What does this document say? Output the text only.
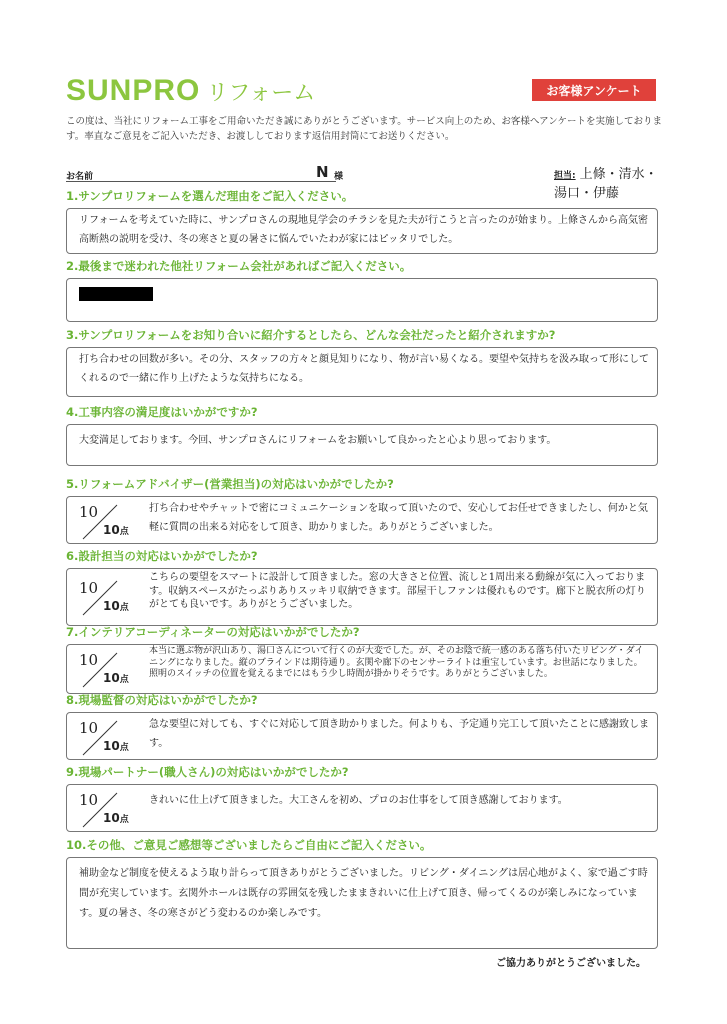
SUNPRO リフォーム	お客様アンケート
この度は、当社にリフォーム工事をご用命いただき誠にありがとうございます。サービス向上のため、お客様へアンケートを実施しております。率直なご意見をご記入いただき、お渡ししております返信用封筒にてお送りください。
お名前	N 様	担当: 上條・清水・湯口・伊藤
1.サンプロリフォームを選んだ理由をご記入ください。
リフォームを考えていた時に、サンプロさんの現地見学会のチラシを見た夫が行こうと言ったのが始まり。上條さんから高気密高断熱の説明を受け、冬の寒さと夏の暑さに悩んでいたわが家にはピッタリでした。
2.最後まで迷われた他社リフォーム会社があればご記入ください。
3.サンプロリフォームをお知り合いに紹介するとしたら、どんな会社だったと紹介されますか?
打ち合わせの回数が多い。その分、スタッフの方々と顔見知りになり、物が言い易くなる。要望や気持ちを汲み取って形にしてくれるので一緒に作り上げたような気持ちになる。
4.工事内容の満足度はいかがですか?
大変満足しております。今回、サンプロさんにリフォームをお願いして良かったと心より思っております。
5.リフォームアドバイザー(営業担当)の対応はいかがでしたか?
10
10点
打ち合わせやチャットで密にコミュニケーションを取って頂いたので、安心してお任せできましたし、何かと気軽に質問の出来る対応をして頂き、助かりました。ありがとうございました。
6.設計担当の対応はいかがでしたか?
10
10点
こちらの要望をスマートに設計して頂きました。窓の大きさと位置、流しと1周出来る動線が気に入っております。収納スペースがたっぷりありスッキリ収納できます。部屋干しファンは優れものです。廊下と脱衣所の灯りがとても良いです。ありがとうございました。
7.インテリアコーディネーターの対応はいかがでしたか?
10
10点
本当に選ぶ物が沢山あり、湯口さんについて行くのが大変でした。が、そのお陰で統一感のある落ち付いたリビング・ダイニングになりました。縦のブラインドは期待通り。玄関や廊下のセンサーライトは重宝しています。お世話になりました。照明のスイッチの位置を覚えるまでにはもう少し時間が掛かりそうです。ありがとうございました。
8.現場監督の対応はいかがでしたか?
10
10点
急な要望に対しても、すぐに対応して頂き助かりました。何よりも、予定通り完工して頂いたことに感謝致します。
9.現場パートナー(職人さん)の対応はいかがでしたか?
10
10点
きれいに仕上げて頂きました。大工さんを初め、プロのお仕事をして頂き感謝しております。
10.その他、ご意見ご感想等ございましたらご自由にご記入ください。
補助金など制度を使えるよう取り計らって頂きありがとうございました。リビング・ダイニングは居心地がよく、家で過ごす時間が充実しています。玄関外ホールは既存の雰囲気を残したままきれいに仕上げて頂き、帰ってくるのが楽しみになっています。夏の暑さ、冬の寒さがどう変わるのか楽しみです。
ご協力ありがとうございました。
